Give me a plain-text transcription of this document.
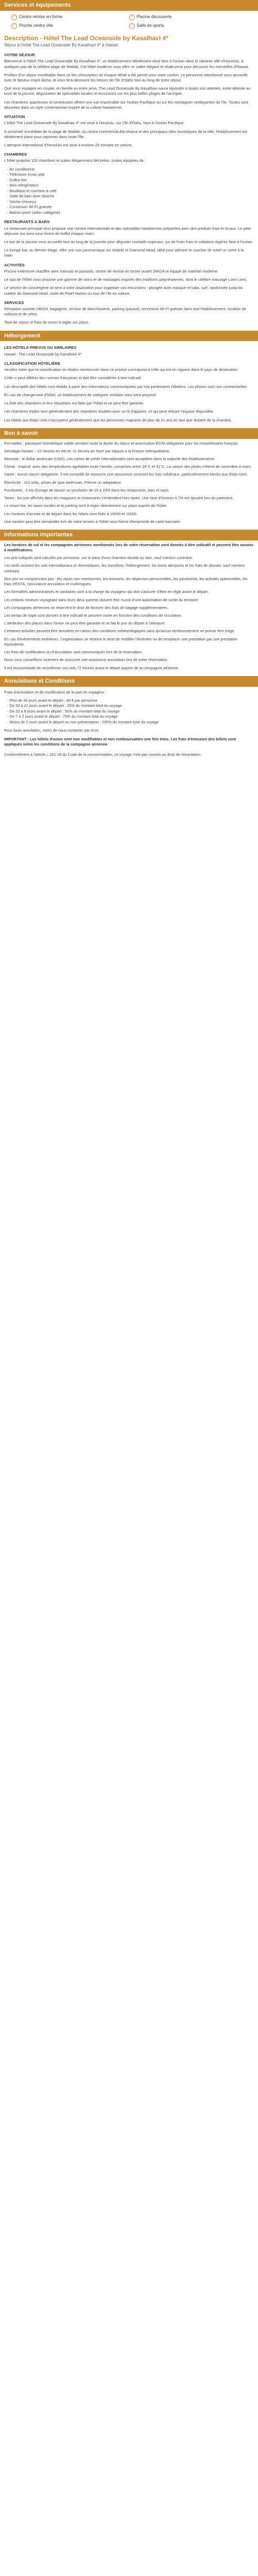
Services et équipements
✓ Centre remise en forme	✓ Piscine découverte
✓ Proche centre ville	✓ Salle de sports
Description - Hôtel The Lead Oceanside by Kasalhavi 4*
Séjour à l'hôtel The Lead Oceanside By Kasalhavi 4* à Hawaii
VOTRE SÉJOUR

Bienvenue à l'hôtel The Lead Oceanside By Kasalhavi 4*, un établissement idéalement situé face à l'océan dans la vibrante ville d'Honolulu, à quelques pas de la célèbre plage de Waikiki. Cet hôtel moderne vous offre un cadre élégant et chaleureux pour découvrir les merveilles d'Hawaii.

Profitez d'un séjour inoubliable dans ce lieu d'exception où chaque détail a été pensé pour votre confort. Le personnel attentionné vous accueille avec le fameux esprit Aloha, et vous fera découvrir les trésors de l'île d'Oahu tout au long de votre séjour.

Que vous voyagiez en couple, en famille ou entre amis, The Lead Oceanside By Kasalhavi saura répondre à toutes vos attentes, entre détente au bord de la piscine, dégustation de spécialités locales et excursions sur les plus belles plages de l'archipel.

Les chambres spacieuses et lumineuses offrent une vue imprenable sur l'océan Pacifique ou sur les montagnes verdoyantes de l'île. Toutes sont décorées dans un style contemporain inspiré de la culture hawaïenne.

SITUATION

L'hôtel The Lead Oceanside By Kasalhavi 4* est situé à Honolulu, sur l'île d'Oahu, face à l'océan Pacifique.

À proximité immédiate de la plage de Waikiki, du centre commercial Ala Moana et des principaux sites touristiques de la ville, l'établissement est idéalement placé pour rayonner dans toute l'île.

L'aéroport international d'Honolulu est situé à environ 25 minutes en voiture.

CHAMBRES

L'hôtel propose 120 chambres et suites élégamment décorées, toutes équipées de :

- Air conditionné
- Télévision écran plat
- Coffre-fort
- Mini-réfrigérateur
- Bouilloire et machine à café
- Salle de bain avec douche
- Sèche-cheveux
- Connexion Wi-Fi gratuite
- Balcon privé (selon catégorie)
RESTAURANTS & BARS

Le restaurant principal vous propose une cuisine internationale et des spécialités hawaïennes préparées avec des produits frais et locaux. Le petit-déjeuner est servi sous forme de buffet chaque matin.

Le bar de la piscine vous accueille tout au long de la journée pour déguster cocktails tropicaux, jus de fruits frais et collations légères face à l'océan.

Le lounge bar, au dernier étage, offre une vue panoramique sur Waikiki et Diamond Head, idéal pour admirer le coucher de soleil un verre à la main.

ACTIVITÉS

Piscine extérieure chauffée avec transats et parasols, centre de remise en forme ouvert 24h/24 et équipé de matériel moderne.

Le spa de l'hôtel vous propose une gamme de soins et de massages inspirés des traditions polynésiennes, dont le célèbre massage Lomi Lomi.

Le service de conciergerie se tient à votre disposition pour organiser vos excursions : plongée avec masque et tuba, surf, randonnée jusqu'au cratère de Diamond Head, visite de Pearl Harbor ou tour de l'île en voiture.

SERVICES

Réception ouverte 24h/24, bagagerie, service de blanchisserie, parking (payant), connexion Wi-Fi gratuite dans tout l'établissement, location de voitures et de vélos.

Taxe de séjour et frais de resort à régler sur place.

Hébergement
LES HÔTELS PREVUS OU SIMILAIRES

Hawaii : The Lead Oceanside by Kasalhavi 4*

CLASSIFICATION HÔTELIÈRE

Veuillez noter que la classification en étoiles mentionnée dans ce produit correspond à celle qui est en vigueur dans le pays de destination.

Celle-ci peut différer des normes françaises et doit être considérée à titre indicatif.

Les descriptifs des hôtels sont établis à partir des informations communiquées par nos partenaires hôteliers. Les photos sont non contractuelles.

En cas de changement d'hôtel, un établissement de catégorie similaire vous sera proposé.

La liste des chambres et leur répartition est faite par l'hôtel et ne peut être garantie.

Les chambres triples sont généralement des chambres doubles avec un lit d'appoint, ce qui peut réduire l'espace disponible.

Les hôtels aux Etats-Unis n'acceptent généralement que les personnes majeures de plus de 21 ans en tant que titulaire de la chambre.

Bon à savoir

Formalités : passeport biométrique valide pendant toute la durée du séjour et autorisation ESTA obligatoire pour les ressortissants français.

Décalage horaire : -12 heures en été et -11 heures en hiver par rapport à la France métropolitaine.

Monnaie : le dollar américain (USD). Les cartes de crédit internationales sont acceptées dans la majorité des établissements.

Climat : tropical, avec des températures agréables toute l'année, comprises entre 24°C et 31°C. La saison des pluies s'étend de novembre à mars.

Santé : aucun vaccin obligatoire. Il est conseillé de souscrire une assurance couvrant les frais médicaux, particulièrement élevés aux Etats-Unis.

Électricité : 110 volts, prises de type américain. Prévoir un adaptateur.

Pourboires : il est d'usage de laisser un pourboire de 15 à 20% dans les restaurants, bars et taxis.

Taxes : les prix affichés dans les magasins et restaurants s'entendent hors taxes. Une taxe d'environ 4,7% est ajoutée lors du paiement.

Le resort fee, les taxes locales et le parking sont à régler directement sur place auprès de l'hôtel.

Les horaires d'arrivée et de départ dans les hôtels sont fixés à 15h00 et 11h00.

Une caution peut être demandée lors de votre arrivée à l'hôtel sous forme d'empreinte de carte bancaire.

Informations importantes

Les horaires de vol et les compagnies aériennes mentionnés lors de votre réservation sont donnés à titre indicatif et peuvent être soumis à modifications.

Les prix indiqués sont calculés par personne, sur la base d'une chambre double ou twin, sauf mention contraire.

Les tarifs incluent les vols internationaux et domestiques, les transferts, l'hébergement, les taxes aéroports et les frais de dossier, sauf mention contraire.

Nos prix ne comprennent pas : les repas non mentionnés, les boissons, les dépenses personnelles, les pourboires, les activités optionnelles, les frais d'ESTA, l'assurance annulation et multirisques.

Les formalités administratives et sanitaires sont à la charge du voyageur qui doit s'assurer d'être en règle avant le départ.

Les enfants mineurs voyageant sans leurs deux parents doivent être munis d'une autorisation de sortie du territoire.

Les compagnies aériennes se réservent le droit de facturer des frais de bagage supplémentaires.

Les temps de trajet sont donnés à titre indicatif et peuvent varier en fonction des conditions de circulation.

L'attribution des places dans l'avion ne peut être garantie et se fait le jour du départ à l'aéroport.

Certaines activités peuvent être annulées en raison des conditions météorologiques sans qu'aucun remboursement ne puisse être exigé.

En cas d'événements extérieurs, l'organisateur se réserve le droit de modifier l'itinéraire ou de remplacer une prestation par une prestation équivalente.

Les frais de modification ou d'annulation sont communiqués lors de la réservation.

Nous vous conseillons vivement de souscrire une assurance annulation lors de votre réservation.

Il est recommandé de reconfirmer vos vols 72 heures avant le départ auprès de la compagnie aérienne.

Annulations et Conditions

Frais d'annulation et de modification de la part du voyageur :

- Plus de 30 jours avant le départ : 90 € par personne
- De 30 à 21 jours avant le départ : 25% du montant total du voyage
- De 20 à 8 jours avant le départ : 50% du montant total du voyage
- De 7 à 2 jours avant le départ : 75% du montant total du voyage
- Moins de 2 jours avant le départ ou non présentation : 100% du montant total du voyage

Pour toute annulation, merci de nous contacter par écrit.

IMPORTANT : Les billets d'avion sont non modifiables et non remboursables une fois émis. Les frais d'émission des billets sont appliqués selon les conditions de la compagnie aérienne.

Conformément à l'article L.221-28 du Code de la consommation, ce voyage n'est pas soumis au droit de rétractation.
